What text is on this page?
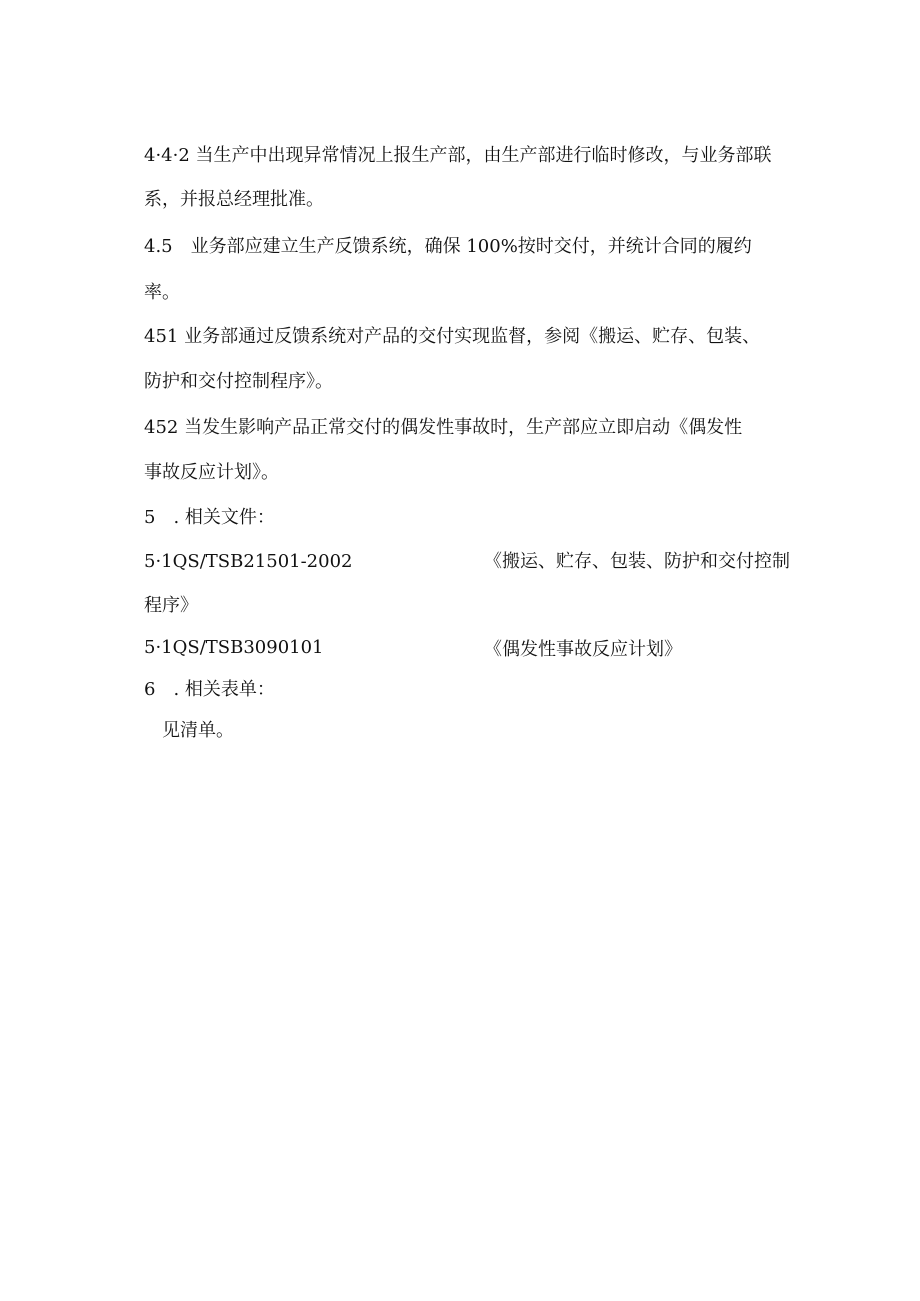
4·4·2 当生产中出现异常情况上报生产部，由生产部进行临时修改，与业务部联
系，并报总经理批准。
4.5　业务部应建立生产反馈系统，确保 100%按时交付，并统计合同的履约
率。
451 业务部通过反馈系统对产品的交付实现监督，参阅《搬运、贮存、包装、
防护和交付控制程序》。
452 当发生影响产品正常交付的偶发性事故时，生产部应立即启动《偶发性
事故反应计划》。
5　. 相关文件：
5·1QS/TSB21501-2002	《搬运、贮存、包装、防护和交付控制
程序》
5·1QS/TSB3090101	《偶发性事故反应计划》
6　. 相关表单：
见清单。
